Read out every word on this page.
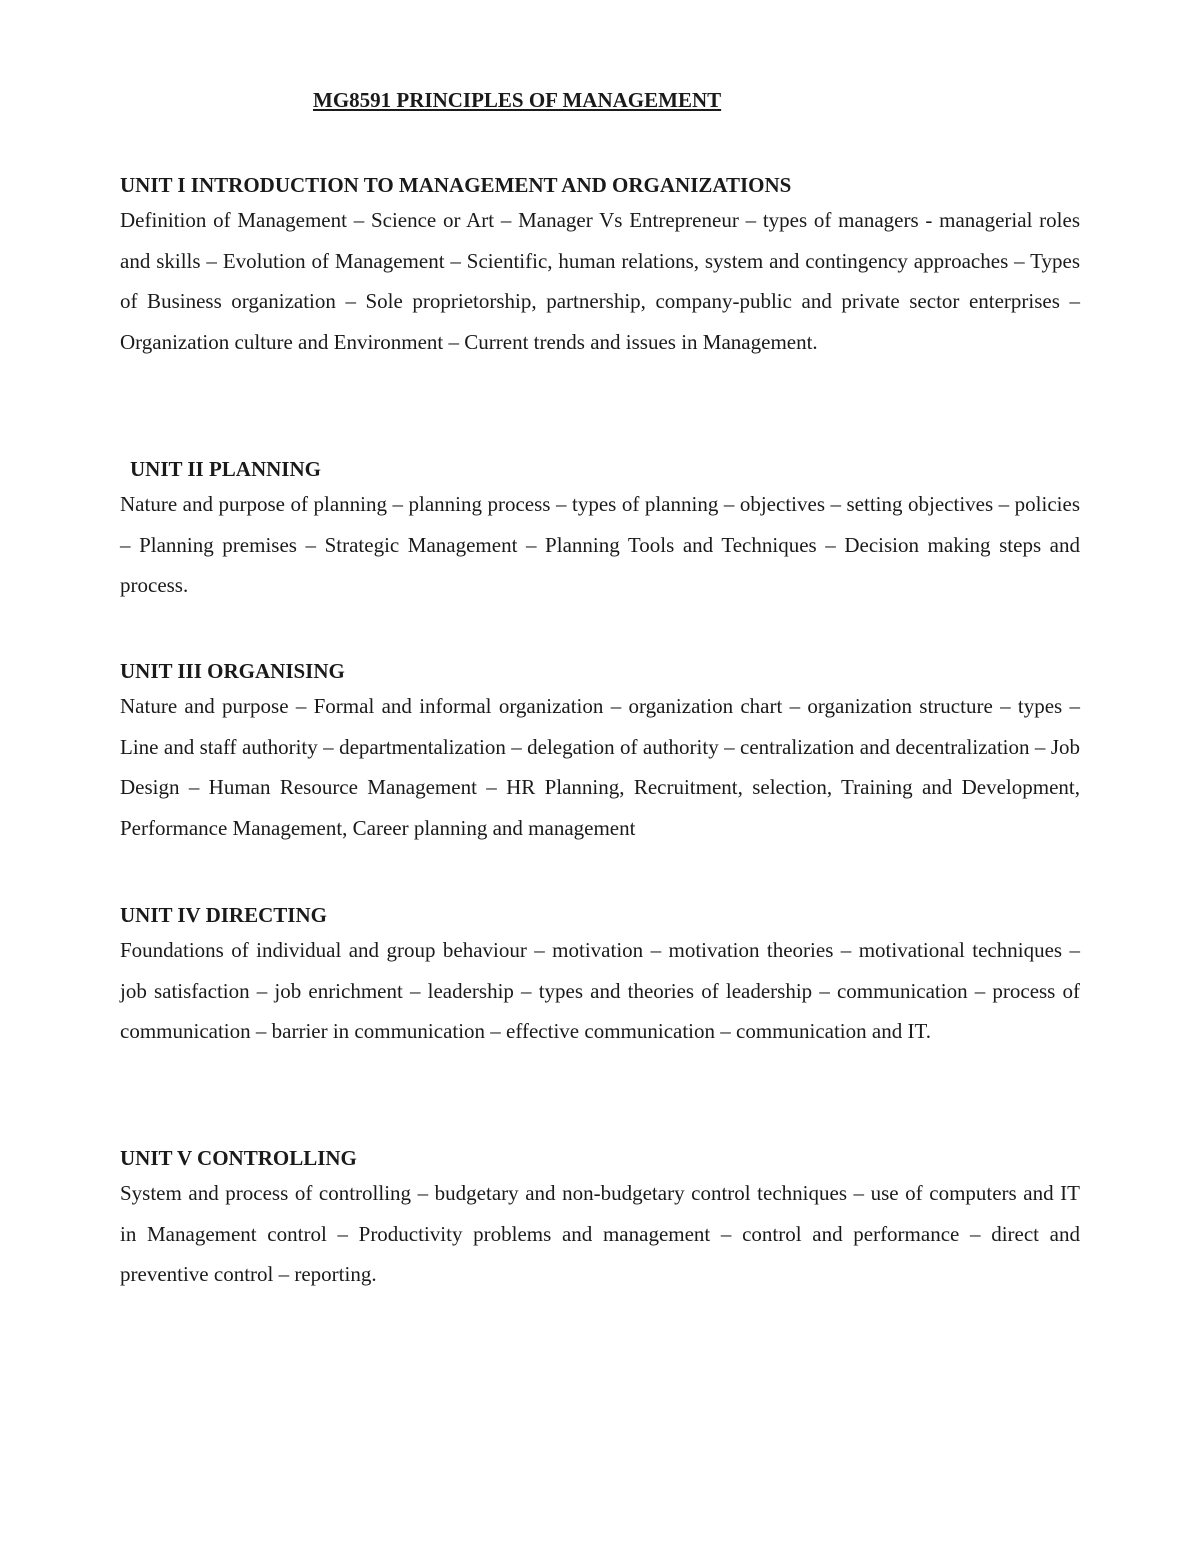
MG8591 PRINCIPLES OF MANAGEMENT
UNIT I INTRODUCTION TO MANAGEMENT AND ORGANIZATIONS

Definition of Management – Science or Art – Manager Vs Entrepreneur – types of managers - managerial roles and skills – Evolution of Management – Scientific, human relations, system and contingency approaches – Types of Business organization – Sole proprietorship, partnership, company-public and private sector enterprises – Organization culture and Environment – Current trends and issues in Management.

UNIT II PLANNING

Nature and purpose of planning – planning process – types of planning – objectives – setting objectives – policies – Planning premises – Strategic Management – Planning Tools and Techniques – Decision making steps and process.

UNIT III ORGANISING

Nature and purpose – Formal and informal organization – organization chart – organization structure – types – Line and staff authority – departmentalization – delegation of authority – centralization and decentralization – Job Design – Human Resource Management – HR Planning, Recruitment, selection, Training and Development, Performance Management, Career planning and management

UNIT IV DIRECTING

Foundations of individual and group behaviour – motivation – motivation theories – motivational techniques – job satisfaction – job enrichment – leadership – types and theories of leadership – communication – process of communication – barrier in communication – effective communication – communication and IT.

UNIT V CONTROLLING

System and process of controlling – budgetary and non-budgetary control techniques – use of computers and IT in Management control – Productivity problems and management – control and performance – direct and preventive control – reporting.
